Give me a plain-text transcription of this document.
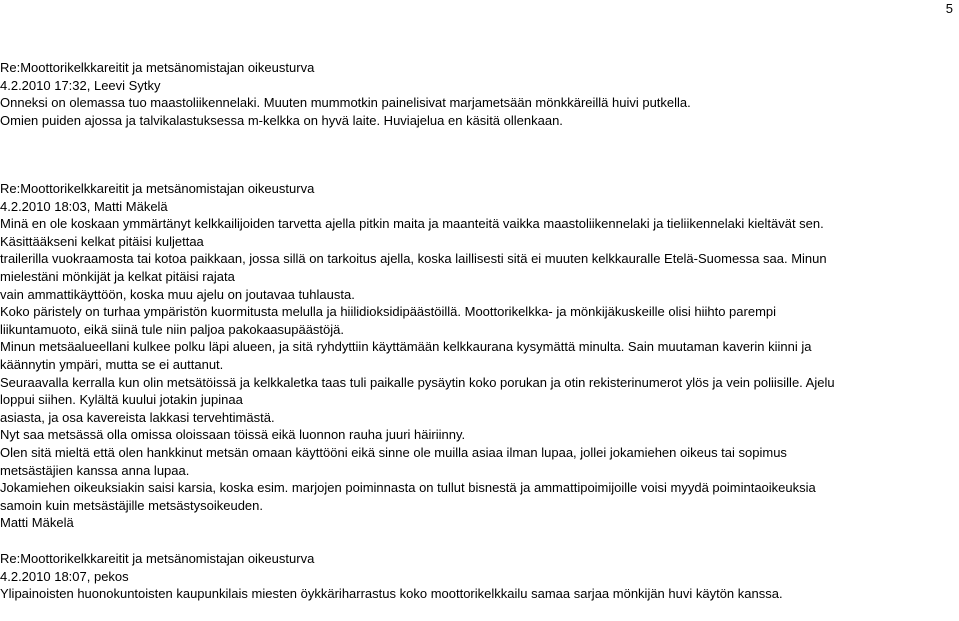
5
Re:Moottorikelkkareitit ja metsänomistajan oikeusturva
4.2.2010 17:32, Leevi Sytky
Onneksi on olemassa tuo maastoliikennelaki. Muuten mummotkin painelisivat marjametsään mönkkäreillä huivi putkella.
Omien puiden ajossa ja talvikalastuksessa m-kelkka on hyvä laite. Huviajelua en käsitä ollenkaan.
Re:Moottorikelkkareitit ja metsänomistajan oikeusturva
4.2.2010 18:03, Matti Mäkelä
Minä en ole koskaan ymmärtänyt kelkkailijoiden tarvetta ajella pitkin maita ja maanteitä vaikka maastoliikennelaki ja tieliikennelaki kieltävät sen.
Käsittääkseni kelkat pitäisi kuljettaa
trailerilla vuokraamosta tai kotoa paikkaan, jossa sillä on tarkoitus ajella, koska laillisesti sitä ei muuten kelkkauralle Etelä-Suomessa saa. Minun
mielestäni mönkijät ja kelkat pitäisi rajata
vain ammattikäyttöön, koska muu ajelu on joutavaa tuhlausta.
Koko päristely on turhaa ympäristön kuormitusta melulla ja hiilidioksidipäästöillä. Moottorikelkka- ja mönkijäkuskeille olisi hiihto parempi
liikuntamuoto, eikä siinä tule niin paljoa pakokaasupäästöjä.
Minun metsäalueellani kulkee polku läpi alueen, ja sitä ryhdyttiin käyttämään kelkkaurana kysymättä minulta. Sain muutaman kaverin kiinni ja
käännytin ympäri, mutta se ei auttanut.
Seuraavalla kerralla kun olin metsätöissä ja kelkkaletka taas tuli paikalle pysäytin koko porukan ja otin rekisterinumerot ylös ja vein poliisille. Ajelu
loppui siihen. Kylältä kuului jotakin jupinaa
asiasta, ja osa kavereista lakkasi tervehtimästä.
Nyt saa metsässä olla omissa oloissaan töissä eikä luonnon rauha juuri häiriinny.
Olen sitä mieltä että olen hankkinut metsän omaan käyttööni eikä sinne ole muilla asiaa ilman lupaa, jollei jokamiehen oikeus tai sopimus
metsästäjien kanssa anna lupaa.
Jokamiehen oikeuksiakin saisi karsia, koska esim. marjojen poiminnasta on tullut bisnestä ja ammattipoimijoille voisi myydä poimintaoikeuksia
samoin kuin metsästäjille metsästysoikeuden.
Matti Mäkelä
Re:Moottorikelkkareitit ja metsänomistajan oikeusturva
4.2.2010 18:07, pekos
Ylipainoisten huonokuntoisten kaupunkilais miesten öykkäriharrastus koko moottorikelkkailu samaa sarjaa mönkijän huvi käytön kanssa.
